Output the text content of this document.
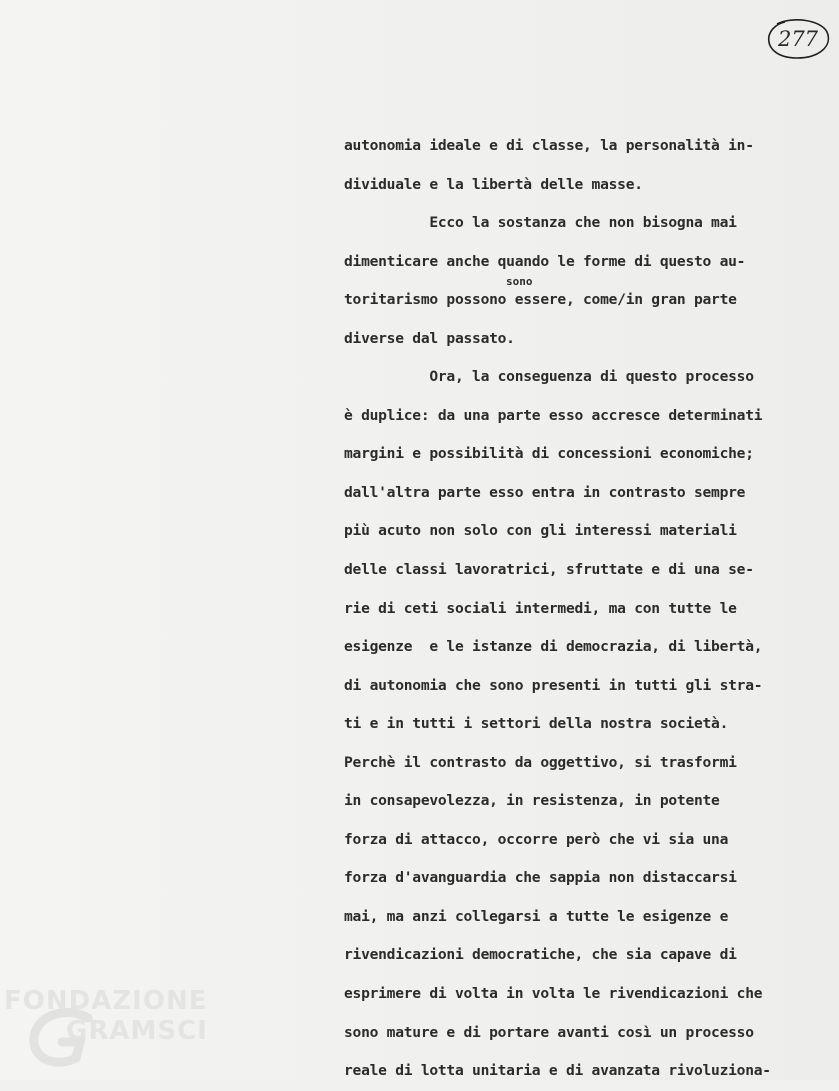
277
sono
autonomia ideale e di classe, la personalità in-
dividuale e la libertà delle masse.
Ecco la sostanza che non bisogna mai
dimenticare anche quando le forme di questo au-
toritarismo possono essere, come/in gran parte
diverse dal passato.
Ora, la conseguenza di questo processo
è duplice: da una parte esso accresce determinati
margini e possibilità di concessioni economiche;
dall'altra parte esso entra in contrasto sempre
più acuto non solo con gli interessi materiali
delle classi lavoratrici, sfruttate e di una se-
rie di ceti sociali intermedi, ma con tutte le
esigenze  e le istanze di democrazia, di libertà,
di autonomia che sono presenti in tutti gli stra-
ti e in tutti i settori della nostra società.
Perchè il contrasto da oggettivo, si trasformi
in consapevolezza, in resistenza, in potente
forza di attacco, occorre però che vi sia una
forza d'avanguardia che sappia non distaccarsi
mai, ma anzi collegarsi a tutte le esigenze e
rivendicazioni democratiche, che sia capave di
esprimere di volta in volta le rivendicazioni che
sono mature e di portare avanti così un processo
reale di lotta unitaria e di avanzata rivoluziona-
FONDAZIONE
GRAMSCI
